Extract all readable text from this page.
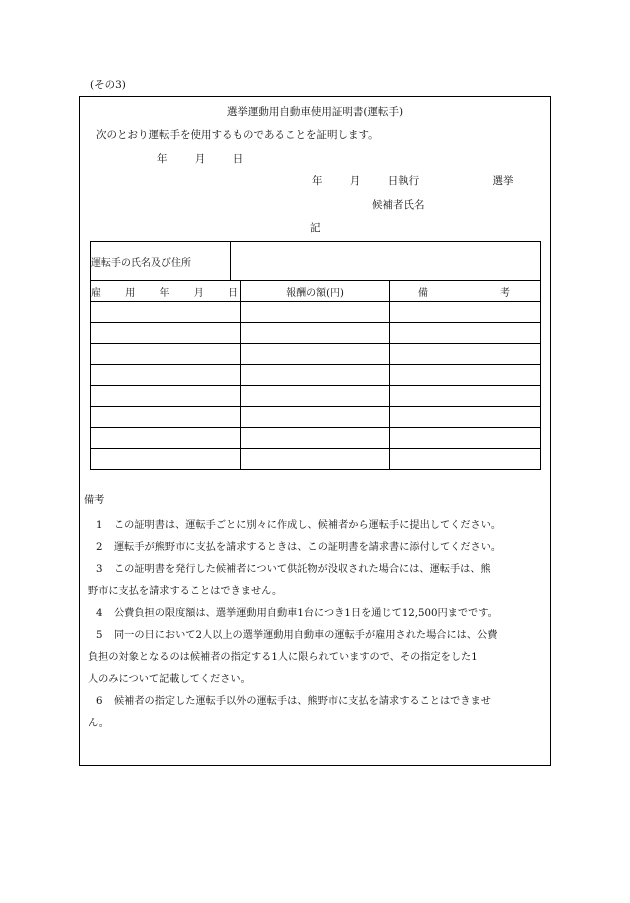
(その3)
選挙運動用自動車使用証明書(運転手)
次のとおり運転手を使用するものであることを証明します。
年	月	日
年	月	日執行	選挙
候補者氏名
記
運転手の氏名及び住所			

雇 用 年 月 日		報酬の額(円)	備 考

備考
1 この証明書は、運転手ごとに別々に作成し、候補者から運転手に提出してください。
2 運転手が熊野市に支払を請求するときは、この証明書を請求書に添付してください。
3 この証明書を発行した候補者について供託物が没収された場合には、運転手は、熊
野市に支払を請求することはできません。
4 公費負担の限度額は、選挙運動用自動車1台につき1日を通じて12,500円までです。
5 同一の日において2人以上の選挙運動用自動車の運転手が雇用された場合には、公費
負担の対象となるのは候補者の指定する1人に限られていますので、その指定をした1
人のみについて記載してください。
6 候補者の指定した運転手以外の運転手は、熊野市に支払を請求することはできませ
ん。
